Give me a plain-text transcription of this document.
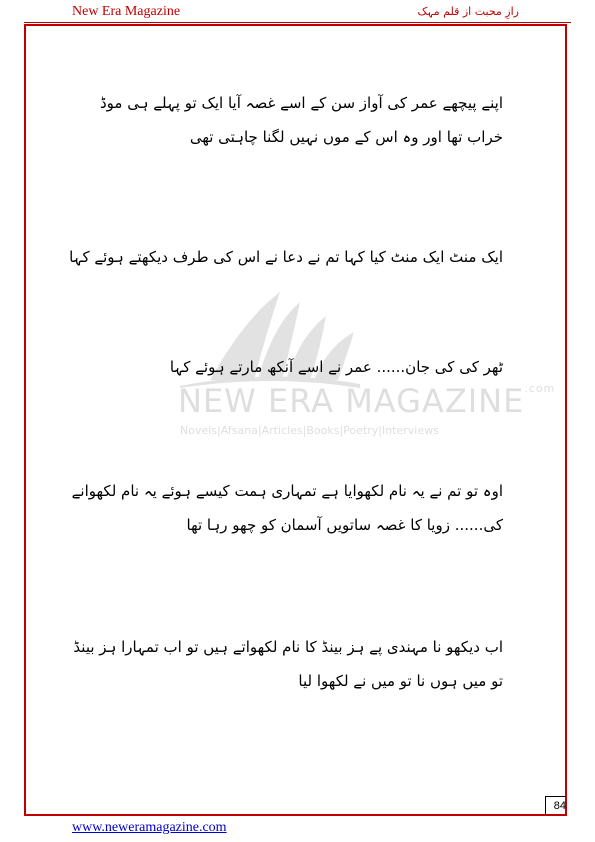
New Era Magazine	رازِ محبت از قلم مہک
NEW ERA $MAGAZINE^{.com}$
Novels|Afsana|Articles|Books|Poetry|Interviews
اپنے پیچھے عمر کی آواز سن کے اسے غصہ آیا ایک تو پہلے ہی موڈ خراب تھا اور وہ اس کے موں نہیں لگنا چاہتی تھی
ایک منٹ ایک منٹ کیا کہا تم نے دعا نے اس کی طرف دیکھتے ہوئے کہا
ٹھر کی کی جان...... عمر نے اسے آنکھ مارتے ہوئے کہا
اوہ تو تم نے یہ نام لکھوایا ہے تمہاری ہمت کیسے ہوئے یہ نام لکھوانے کی...... زویا کا غصہ ساتویں آسمان کو چھو رہا تھا
اب دیکھو نا مہندی پے ہز بینڈ کا نام لکھواتے ہیں تو اب تمہارا ہز بینڈ تو میں ہوں نا تو میں نے لکھوا لیا
84
www.neweramagazine.com
